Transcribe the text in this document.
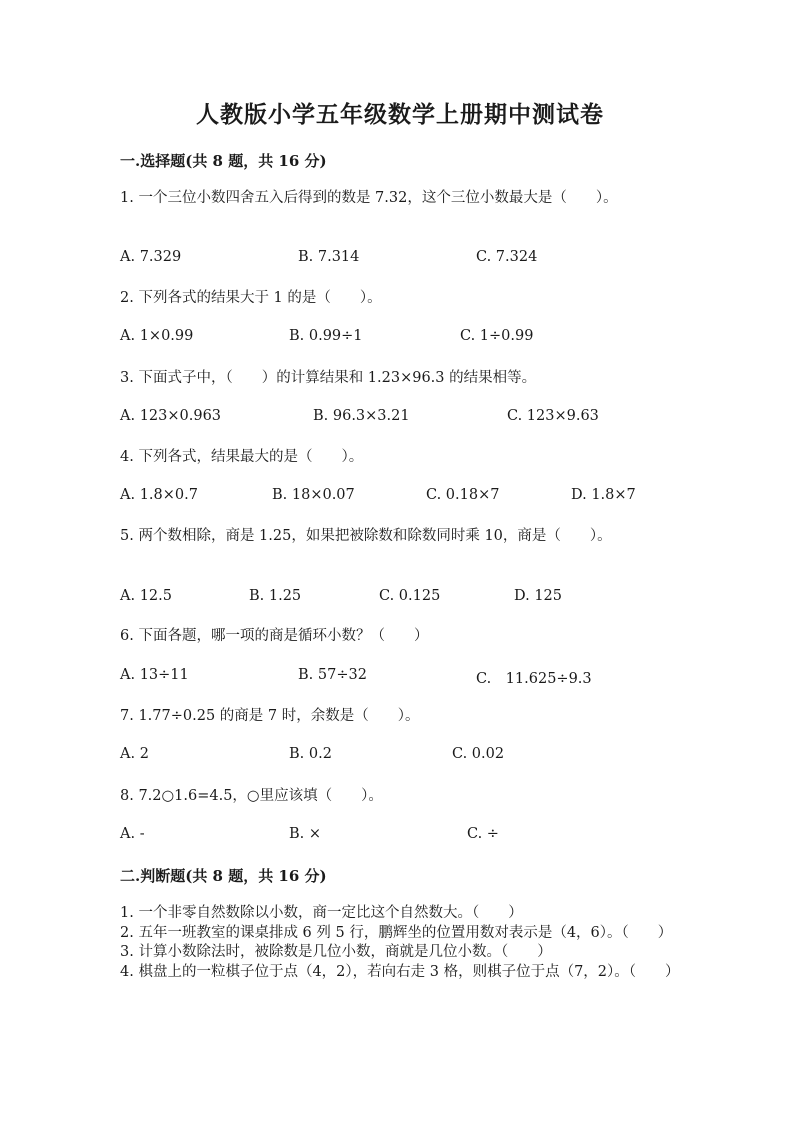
人教版小学五年级数学上册期中测试卷
一.选择题(共 8 题，共 16 分)
1. 一个三位小数四舍五入后得到的数是 7.32，这个三位小数最大是（　　）。
A. 7.329	B. 7.314	C. 7.324
2. 下列各式的结果大于 1 的是（　　）。
A. 1×0.99	B. 0.99÷1	C. 1÷0.99
3. 下面式子中，（　　）的计算结果和 1.23×96.3 的结果相等。
A. 123×0.963	B. 96.3×3.21	C. 123×9.63
4. 下列各式，结果最大的是（　　）。
A. 1.8×0.7	B. 18×0.07	C. 0.18×7	D. 1.8×7
5. 两个数相除，商是 1.25，如果把被除数和除数同时乘 10，商是（　　）。
A. 12.5	B. 1.25	C. 0.125	D. 125
6. 下面各题，哪一项的商是循环小数？（　　）
A. 13÷11	B. 57÷32	C.　11.625÷9.3
7. 1.77÷0.25 的商是 7 时，余数是（　　）。
A. 2	B. 0.2	C. 0.02
8. 7.2○1.6=4.5，○里应该填（　　）。
A. -	B. ×	C. ÷
二.判断题(共 8 题，共 16 分)

1. 一个非零自然数除以小数，商一定比这个自然数大。（　　）

2. 五年一班教室的课桌排成 6 列 5 行，鹏辉坐的位置用数对表示是（4，6）。（　　）

3. 计算小数除法时，被除数是几位小数，商就是几位小数。（　　）

4. 棋盘上的一粒棋子位于点（4，2），若向右走 3 格，则棋子位于点（7，2）。（　　）
